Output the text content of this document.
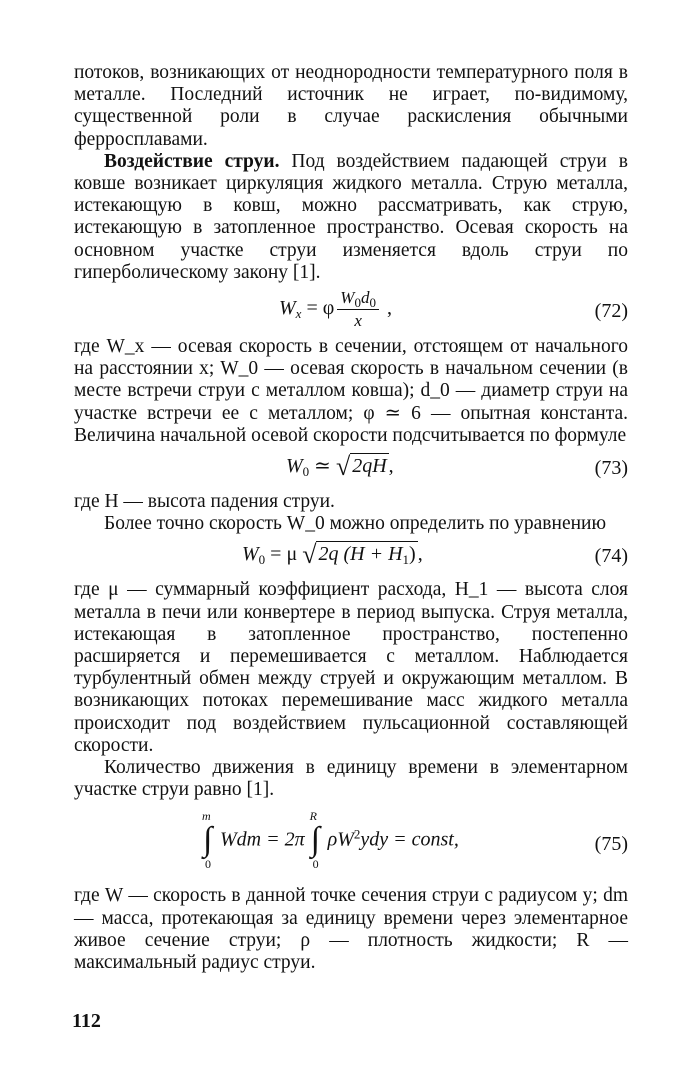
потоков, возникающих от неоднородности температурного поля в металле. Последний источник не играет, по-видимому, существенной роли в случае раскисления обычными ферросплавами.

Воздействие струи. Под воздействием падающей струи в ковше возникает циркуляция жидкого металла. Струю металла, истекающую в ковш, можно рассматривать, как струю, истекающую в затопленное пространство. Осевая скорость на основном участке струи изменяется вдоль струи по гиперболическому закону [1].

$W_x = \varphi \frac{W_0d_0}{x}$ ,	(72)

где W_x — осевая скорость в сечении, отстоящем от начального на расстоянии x; W_0 — осевая скорость в начальном сечении (в месте встречи струи с металлом ковша); d_0 — диаметр струи на участке встречи ее с металлом; φ ≃ 6 — опытная константа. Величина начальной осевой скорости подсчитывается по формуле

$W_0$ ≃ √ 2qH ,	(73)

где H — высота падения струи.

Более точно скорость W_0 можно определить по уравнению

$W_0 = \mu$ √ 2q $(H + H_1)$ ,	(74)

где μ — суммарный коэффициент расхода, H_1 — высота слоя металла в печи или конвертере в период выпуска. Струя металла, истекающая в затопленное пространство, постепенно расширяется и перемешивается с металлом. Наблюдается турбулентный обмен между струей и окружающим металлом. В возникающих потоках перемешивание масс жидкого металла происходит под воздействием пульсационной составляющей скорости.

Количество движения в единицу времени в элементарном участке струи равно [1].

m
∫
0
Wdm = 2π
R
∫
0
$\rho W^2ydy$ = const,	(75)

где W — скорость в данной точке сечения струи с радиусом y; dm — масса, протекающая за единицу времени через элементарное живое сечение струи; ρ — плотность жидкости; R — максимальный радиус струи.

112
